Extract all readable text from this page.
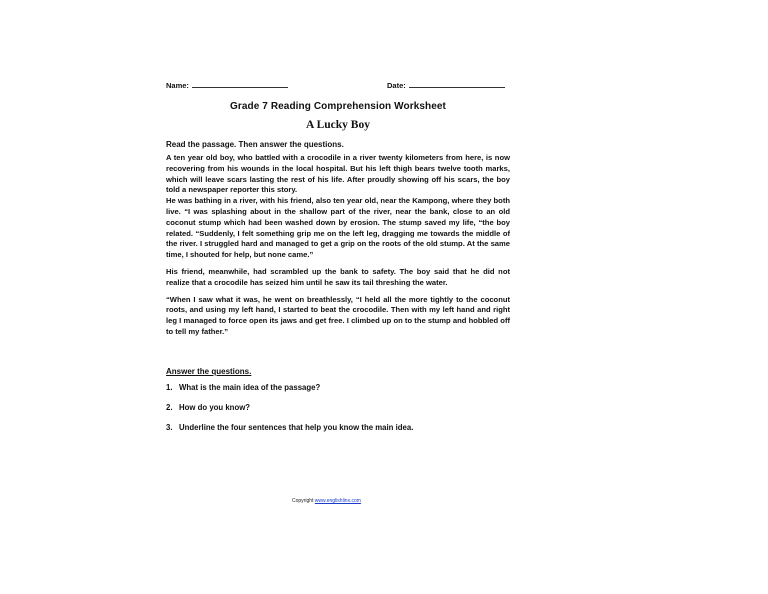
Name:	Date:
Grade 7 Reading Comprehension Worksheet
A Lucky Boy
Read the passage. Then answer the questions.

A ten year old boy, who battled with a crocodile in a river twenty kilometers from here, is now recovering from his wounds in the local hospital. But his left thigh bears twelve tooth marks, which will leave scars lasting the rest of his life. After proudly showing off his scars, the boy told a newspaper reporter this story.

He was bathing in a river, with his friend, also ten year old, near the Kampong, where they both live. “I was splashing about in the shallow part of the river, near the bank, close to an old coconut stump which had been washed down by erosion. The stump saved my life, “the boy related. “Suddenly, I felt something grip me on the left leg, dragging me towards the middle of the river. I struggled hard and managed to get a grip on the roots of the old stump. At the same time, I shouted for help, but none came.”

His friend, meanwhile, had scrambled up the bank to safety. The boy said that he did not realize that a crocodile has seized him until he saw its tail threshing the water.

“When I saw what it was, he went on breathlessly, “I held all the more tightly to the coconut roots, and using my left hand, I started to beat the crocodile. Then with my left hand and right leg I managed to force open its jaws and get free. I climbed up on to the stump and hobbled off to tell my father.”

Answer the questions.
1. What is the main idea of the passage?
2. How do you know?
3. Underline the four sentences that help you know the main idea.
Copyright www.englishlinx.com
